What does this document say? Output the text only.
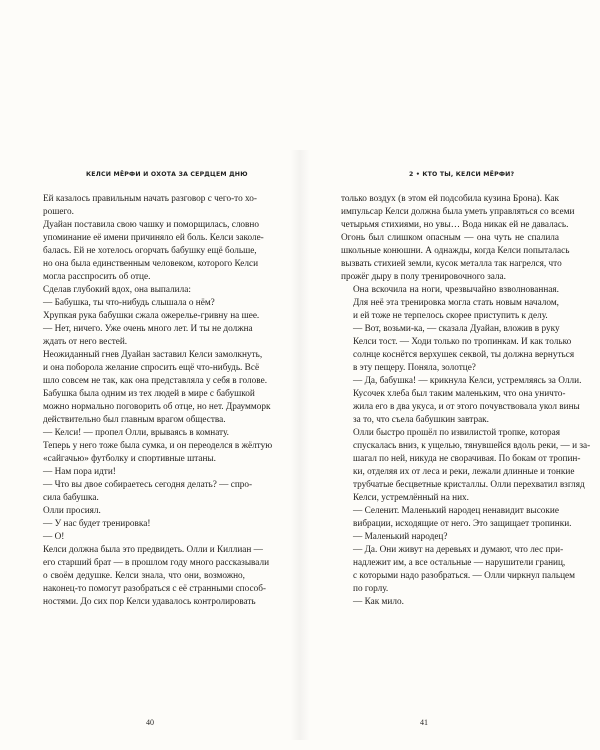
КЕЛСИ МЁРФИ И ОХОТА ЗА СЕРДЦЕМ ДНЮ

Ей казалось правильным начать разговор с чего-то хо-
рошего.

Дуайан поставила свою чашку и поморщилась, словно
упоминание её имени причиняло ей боль. Келси заколе-
балась. Ей не хотелось огорчать бабушку ещё больше,
но она была единственным человеком, которого Келси
могла расспросить об отце.

Сделав глубокий вдох, она выпалила:

— Бабушка, ты что-нибудь слышала о нём?

Хрупкая рука бабушки сжала ожерелье-гривну на шее.

— Нет, ничего. Уже очень много лет. И ты не должна
ждать от него вестей.

Неожиданный гнев Дуайан заставил Келси замолкнуть,
и она поборола желание спросить ещё что-нибудь. Всё
шло совсем не так, как она представляла у себя в голове.
Бабушка была одним из тех людей в мире с бабушкой
можно нормально поговорить об отце, но нет. Драумморк
действительно был главным врагом общества.

— Келси! — пропел Олли, врываясь в комнату.

Теперь у него тоже была сумка, и он переоделся в жёлтую
«сайгачью» футболку и спортивные штаны.

— Нам пора идти!

— Что вы двое собираетесь сегодня делать? — спро-
сила бабушка.

Олли просиял.

— У нас будет тренировка!

— О!

Келси должна была это предвидеть. Олли и Киллиан —
его старший брат — в прошлом году много рассказывали
о своём дедушке. Келси знала, что они, возможно,
наконец-то помогут разобраться с её странными способ-
ностями. До сих пор Келси удавалось контролировать

40
2 • КТО ТЫ, КЕЛСИ МЁРФИ?

только воздух (в этом ей подсобила кузина Брона). Как
импульсар Келси должна была уметь управляться со всеми
четырьмя стихиями, но увы… Вода никак ей не давалась.
Огонь был слишком опасным — она чуть не спалила
школьные конюшни. А однажды, когда Келси попыталась
вызвать стихией земли, кусок металла так нагрелся, что
прожёг дыру в полу тренировочного зала.

Она вскочила на ноги, чрезвычайно взволнованная.
Для неё эта тренировка могла стать новым началом,
и ей тоже не терпелось скорее приступить к делу.

— Вот, возьми-ка, — сказала Дуайан, вложив в руку
Келси тост. — Ходи только по тропинкам. И как только
солнце коснётся верхушек секвой, ты должна вернуться
в эту пещеру. Поняла, золотце?

— Да, бабушка! — крикнула Келси, устремляясь за Олли.

Кусочек хлеба был таким маленьким, что она уничто-
жила его в два укуса, и от этого почувствовала укол вины
за то, что съела бабушкин завтрак.

Олли быстро прошёл по извилистой тропке, которая
спускалась вниз, к ущелью, тянувшейся вдоль реки, — и за-
шагал по ней, никуда не сворачивая. По бокам от тропин-
ки, отделяя их от леса и реки, лежали длинные и тонкие
трубчатые бесцветные кристаллы. Олли перехватил взгляд
Келси, устремлённый на них.

— Селенит. Маленький народец ненавидит высокие
вибрации, исходящие от него. Это защищает тропинки.

— Маленький народец?

— Да. Они живут на деревьях и думают, что лес при-
надлежит им, а все остальные — нарушители границ,
с которыми надо разобраться. — Олли чиркнул пальцем
по горлу.

— Как мило.

41
